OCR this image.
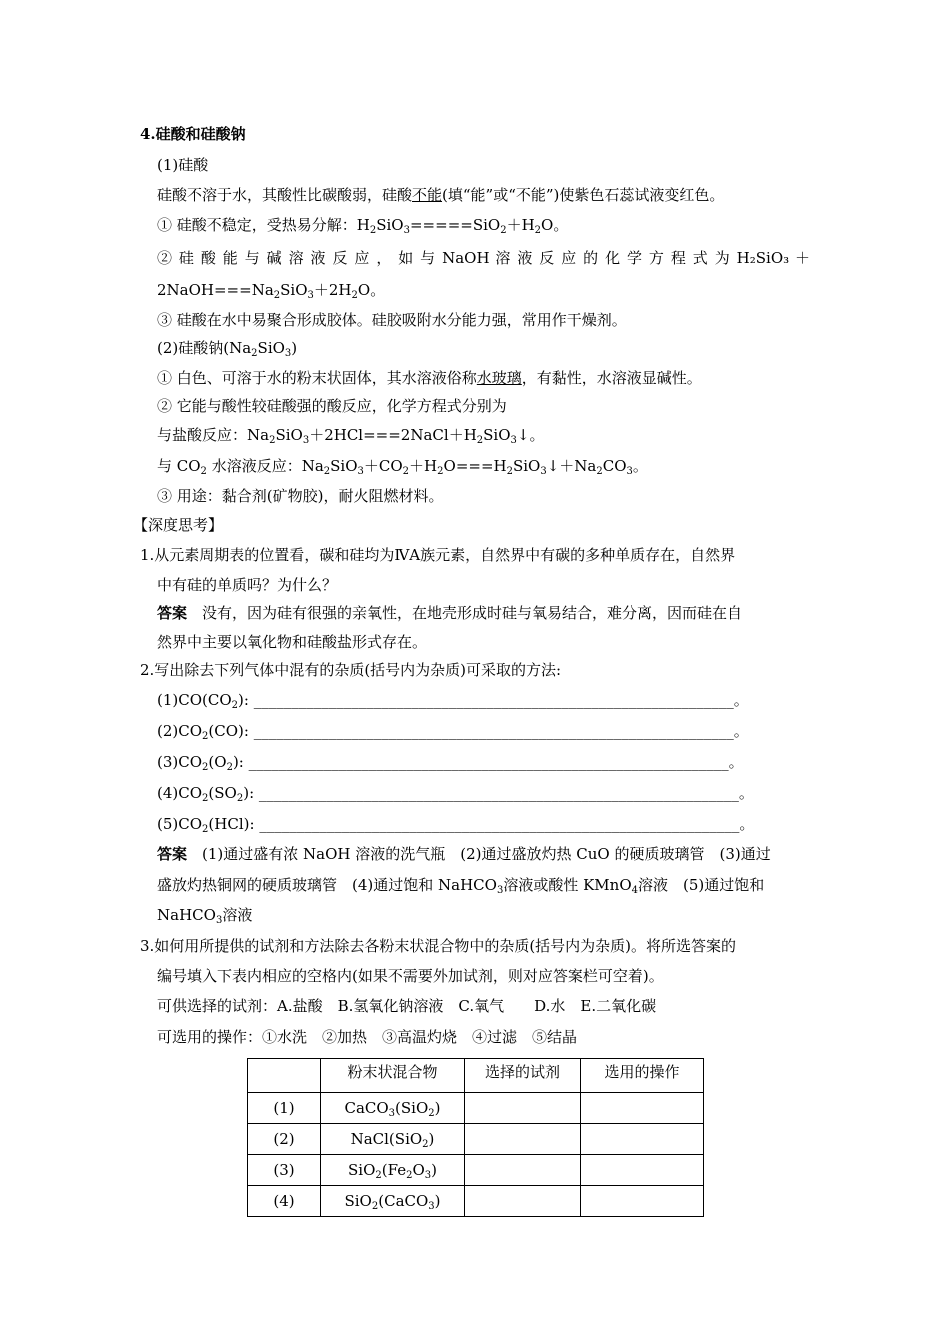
4.硅酸和硅酸钠
(1)硅酸
硅酸不溶于水，其酸性比碳酸弱，硅酸不能(填“能”或“不能”)使紫色石蕊试液变红色。
① 硅酸不稳定，受热易分解：$H_2SiO_3=====SiO_2+H_2O$。
② 硅 酸 能 与 碱 溶 液 反 应 ， 如 与 NaOH 溶 液 反 应 的 化 学 方 程 式 为 H₂SiO₃ ＋
$2NaOH===Na_2SiO_3+2H_2O$。
③ 硅酸在水中易聚合形成胶体。硅胶吸附水分能力强，常用作干燥剂。
(2)硅酸钠$(Na_2SiO_3)$
① 白色、可溶于水的粉末状固体，其水溶液俗称水玻璃，有黏性，水溶液显碱性。
② 它能与酸性较硅酸强的酸反应，化学方程式分别为
与盐酸反应：$Na_2SiO_3+2HCl===2NaCl+H_2SiO_3↓$。
与 $CO_2$ 水溶液反应：$Na_2SiO_3+CO_2+H_2O===H_2SiO_3↓+Na_2CO_3$。
③ 用途：黏合剂(矿物胶)，耐火阻燃材料。
【深度思考】
1.从元素周期表的位置看，碳和硅均为ⅣA族元素，自然界中有碳的多种单质存在，自然界
中有硅的单质吗？为什么？
答案　 没有，因为硅有很强的亲氧性，在地壳形成时硅与氧易结合，难分离，因而硅在自
然界中主要以氧化物和硅酸盐形式存在。
2.写出除去下列气体中混有的杂质(括号内为杂质)可采取的方法:
$(1)CO(CO_2)$: ________________________________________________________________。
$(2)CO_2(CO)$: ________________________________________________________________。
$(3)CO_2(O_2)$: ________________________________________________________________。
$(4)CO_2(SO_2)$: ________________________________________________________________。
$(5)CO_2(HCl)$: ________________________________________________________________。
答案　 (1)通过盛有浓 NaOH 溶液的洗气瓶　(2)通过盛放灼热 CuO 的硬质玻璃管　(3)通过
盛放灼热铜网的硬质玻璃管　(4)通过饱和 NaHCO$_3$溶液或酸性 KMnO$_4$溶液　(5)通过饱和
NaHCO$_3$溶液
3.如何用所提供的试剂和方法除去各粉末状混合物中的杂质(括号内为杂质)。将所选答案的
编号填入下表内相应的空格内(如果不需要外加试剂，则对应答案栏可空着)。
可供选择的试剂：A.盐酸　B.氢氧化钠溶液　C.氧气　　D.水　E.二氧化碳
可选用的操作：①水洗　②加热　③高温灼烧　④过滤　⑤结晶
	粉末状混合物	选择的试剂	选用的操作
(1)	CaCO$_3$(SiO$_2$)		
(2)	NaCl(SiO$_2$)		
(3)	$SiO_2(Fe_2O_3)$		
(4)	SiO$_2$(CaCO$_3$)		
